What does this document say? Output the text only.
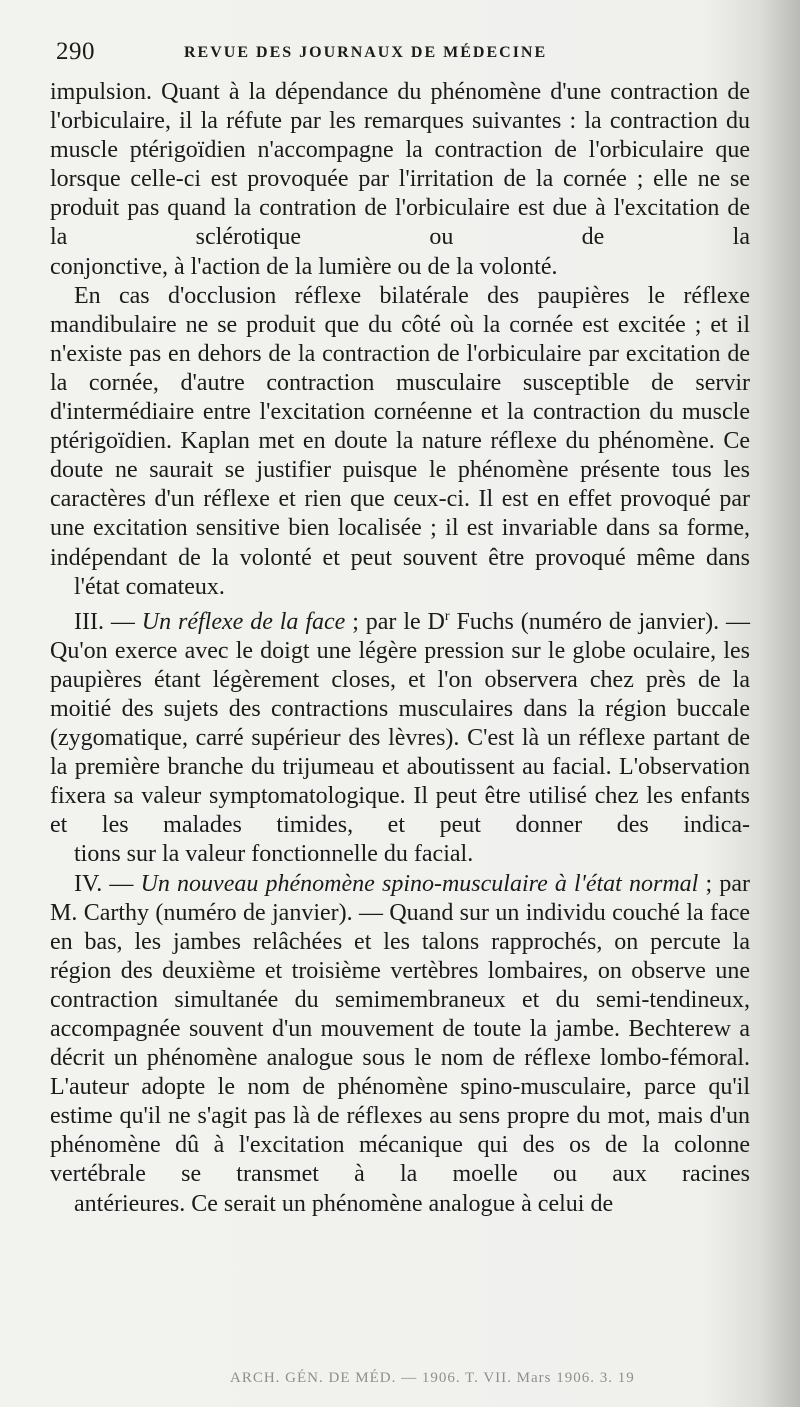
290	REVUE DES JOURNAUX DE MÉDECINE

impulsion. Quant à la dépendance du phénomène d'une contraction de l'orbiculaire, il la réfute par les remarques suivantes : la contraction du muscle ptérigoïdien n'accompagne la contraction de l'orbiculaire que lorsque celle-ci est provoquée par l'irritation de la cornée ; elle ne se produit pas quand la contration de l'orbiculaire est due à l'excitation de la sclérotique ou de la
conjonctive, à l'action de la lumière ou de la volonté.

En cas d'occlusion réflexe bilatérale des paupières le réflexe mandibulaire ne se produit que du côté où la cornée est excitée ; et il n'existe pas en dehors de la contraction de l'orbiculaire par excitation de la cornée, d'autre contraction musculaire susceptible de servir d'intermédiaire entre l'excitation cornéenne et la contraction du muscle ptérigoïdien. Kaplan met en doute la nature réflexe du phénomène. Ce doute ne saurait se justifier puisque le phénomène présente tous les caractères d'un réflexe et rien que ceux-ci. Il est en effet provoqué par une excitation sensitive bien localisée ; il est invariable dans sa forme, indépendant de la volonté et peut souvent être provoqué même dans
l'état comateux.

III. — Un réflexe de la face ; par le $D^r$ Fuchs (numéro de janvier). — Qu'on exerce avec le doigt une légère pression sur le globe oculaire, les paupières étant légèrement closes, et l'on observera chez près de la moitié des sujets des contractions musculaires dans la région buccale (zygomatique, carré supérieur des lèvres). C'est là un réflexe partant de la première branche du trijumeau et aboutissent au facial. L'observation fixera sa valeur symptomatologique. Il peut être utilisé chez les enfants et les malades timides, et peut donner des indica-
tions sur la valeur fonctionnelle du facial.

IV. — Un nouveau phénomène spino-musculaire à l'état normal ; par M. Carthy (numéro de janvier). — Quand sur un individu couché la face en bas, les jambes relâchées et les talons rapprochés, on percute la région des deuxième et troisième vertèbres lombaires, on observe une contraction simultanée du semimembraneux et du semi-tendineux, accompagnée souvent d'un mouvement de toute la jambe. Bechterew a décrit un phénomène analogue sous le nom de réflexe lombo-fémoral. L'auteur adopte le nom de phénomène spino-musculaire, parce qu'il estime qu'il ne s'agit pas là de réflexes au sens propre du mot, mais d'un phénomène dû à l'excitation mécanique qui des os de la colonne vertébrale se transmet à la moelle ou aux racines
antérieures. Ce serait un phénomène analogue à celui de

ARCH. GÉN. DE MÉD. — 1906. T. VII. Mars 1906. 3. 19
